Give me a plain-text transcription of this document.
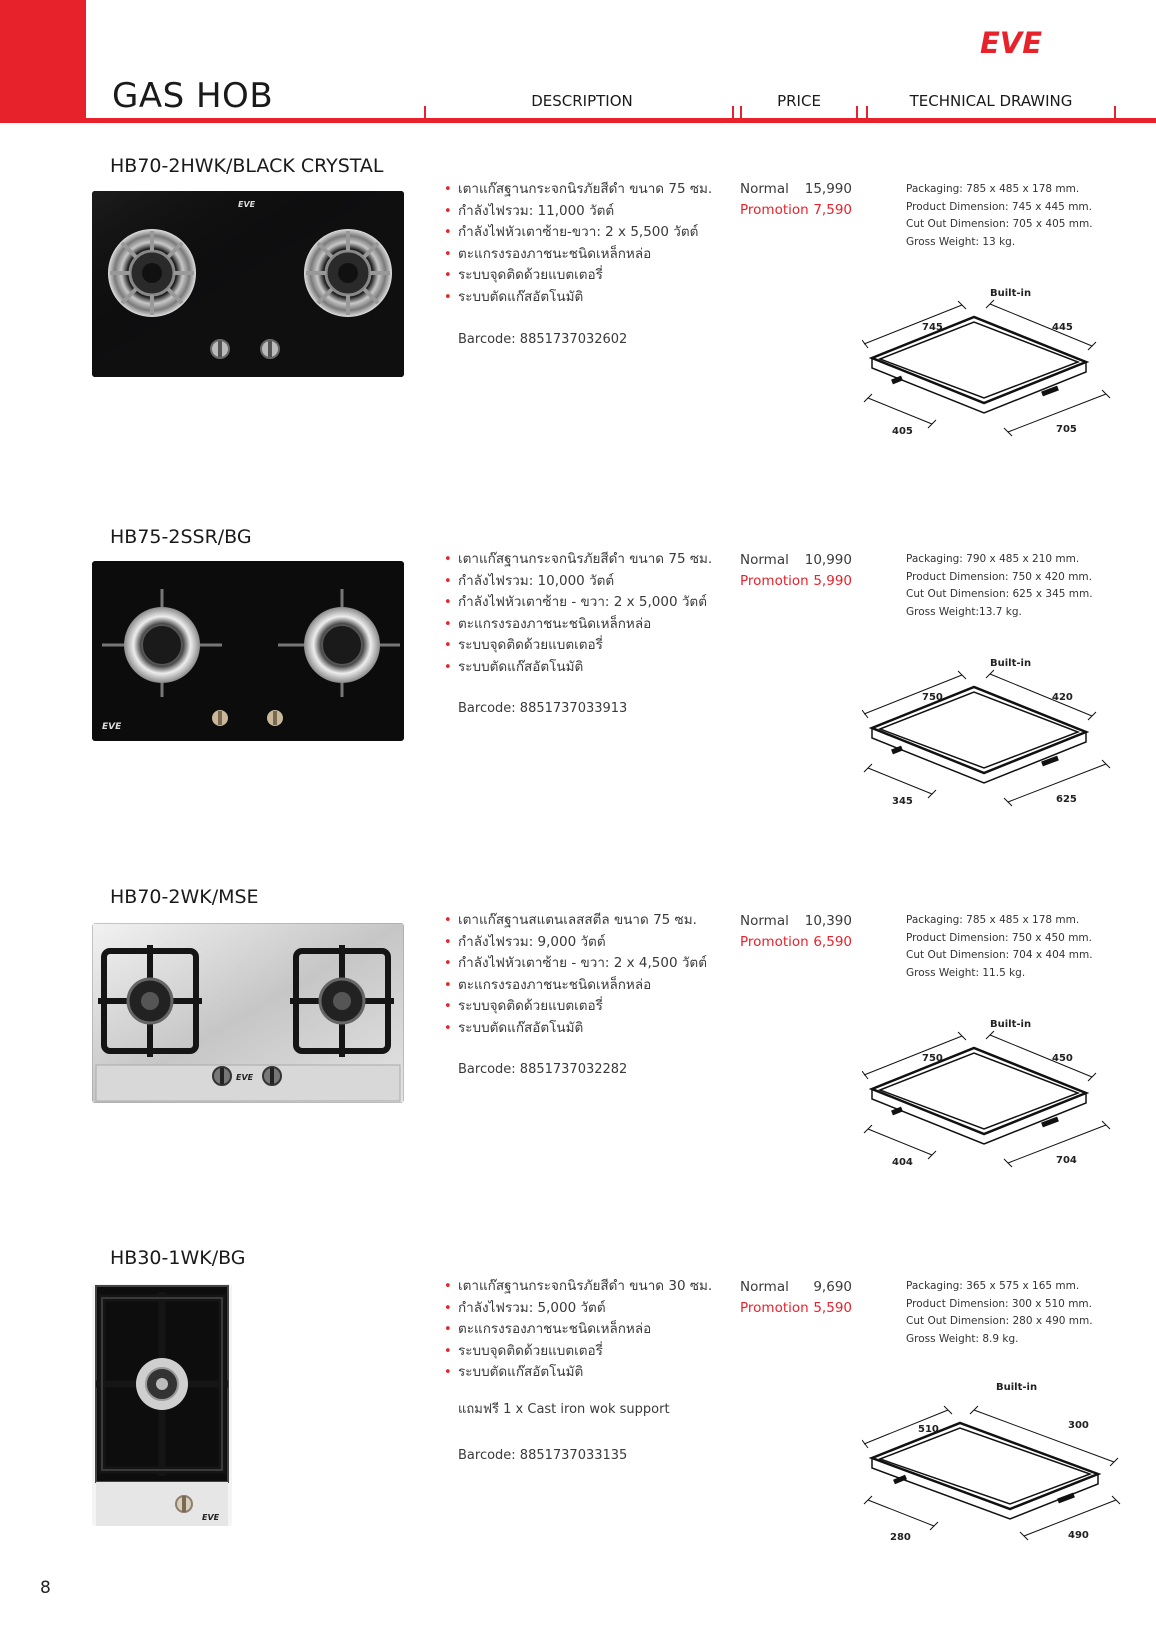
EVE
GAS HOB	DESCRIPTION	PRICE	TECHNICAL DRAWING
HB70-2HWK/BLACK CRYSTAL
EVE
• เตาแก๊สฐานกระจกนิรภัยสีดำ ขนาด 75 ซม.
• กำลังไฟรวม: 11,000 วัตต์
• กำลังไฟหัวเตาซ้าย-ขวา: 2 x 5,500 วัตต์
• ตะแกรงรองภาชนะชนิดเหล็กหล่อ
• ระบบจุดติดด้วยแบตเตอรี่
• ระบบตัดแก๊สอัตโนมัติ
Barcode: 8851737032602
Normal 15,990
Promotion 7,590
Packaging: 785 x 485 x 178 mm.
Product Dimension: 745 x 445 mm.
Cut Out Dimension: 705 x 405 mm.
Gross Weight: 13 kg.
Built-in
745	445
405	705
HB75-2SSR/BG
EVE
• เตาแก๊สฐานกระจกนิรภัยสีดำ ขนาด 75 ซม.
• กำลังไฟรวม: 10,000 วัตต์
• กำลังไฟหัวเตาซ้าย - ขวา: 2 x 5,000 วัตต์
• ตะแกรงรองภาชนะชนิดเหล็กหล่อ
• ระบบจุดติดด้วยแบตเตอรี่
• ระบบตัดแก๊สอัตโนมัติ
Barcode: 8851737033913
Normal 10,990
Promotion 5,990
Packaging: 790 x 485 x 210 mm.
Product Dimension: 750 x 420 mm.
Cut Out Dimension: 625 x 345 mm.
Gross Weight:13.7 kg.
Built-in
750	420
345	625
HB70-2WK/MSE
EVE
• เตาแก๊สฐานสแตนเลสสตีล ขนาด 75 ซม.
• กำลังไฟรวม: 9,000 วัตต์
• กำลังไฟหัวเตาซ้าย - ขวา: 2 x 4,500 วัตต์
• ตะแกรงรองภาชนะชนิดเหล็กหล่อ
• ระบบจุดติดด้วยแบตเตอรี่
• ระบบตัดแก๊สอัตโนมัติ
Barcode: 8851737032282
Normal 10,390
Promotion 6,590
Packaging: 785 x 485 x 178 mm.
Product Dimension: 750 x 450 mm.
Cut Out Dimension: 704 x 404 mm.
Gross Weight: 11.5 kg.
Built-in
750	450
404	704
HB30-1WK/BG
EVE
• เตาแก๊สฐานกระจกนิรภัยสีดำ ขนาด 30 ซม.
• กำลังไฟรวม: 5,000 วัตต์
• ตะแกรงรองภาชนะชนิดเหล็กหล่อ
• ระบบจุดติดด้วยแบตเตอรี่
• ระบบตัดแก๊สอัตโนมัติ
แถมฟรี 1 x Cast iron wok support
Barcode: 8851737033135
Normal 9,690
Promotion 5,590
Packaging: 365 x 575 x 165 mm.
Product Dimension: 300 x 510 mm.
Cut Out Dimension: 280 x 490 mm.
Gross Weight: 8.9 kg.
Built-in
510	300
280	490
8
